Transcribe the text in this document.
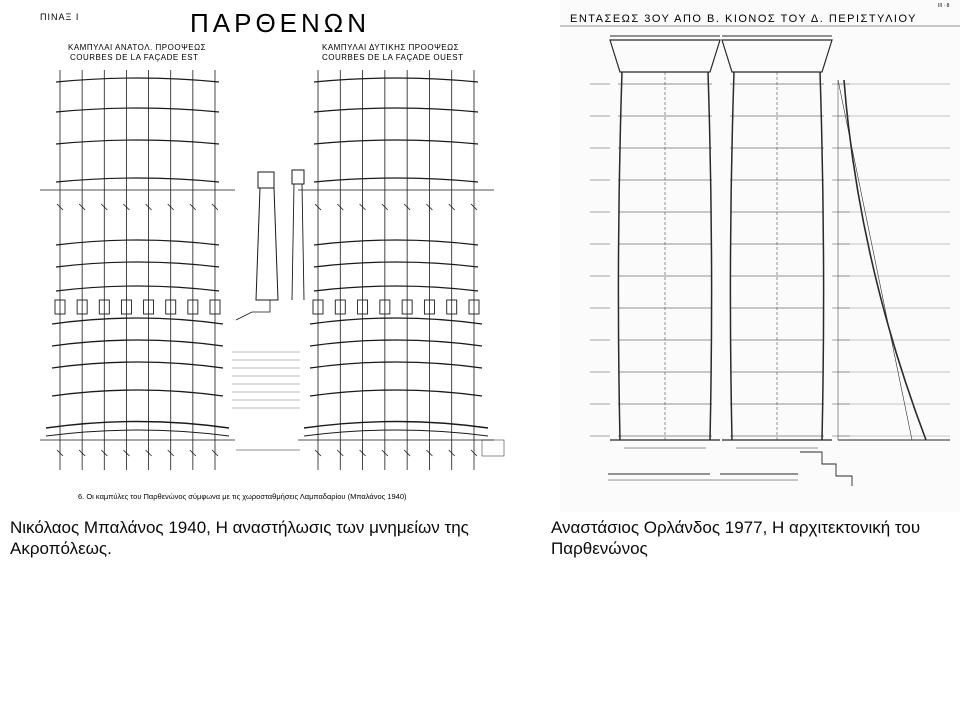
ΠΙΝΑΞ I	ΠΑΡΘΕΝΩΝ
ΚΑΜΠΥΛΑΙ ΑΝΑΤΟΛ. ΠΡΟΟΨΕΩΣ
COURBES DE LA FAÇADE EST
ΚΑΜΠΥΛΑΙ ΔΥΤΙΚΗΣ ΠΡΟΟΨΕΩΣ
COURBES DE LA FAÇADE OUEST
6. Οι καμπύλες του Παρθενώνος σύμφωνα με τις χωροσταθμήσεις Λαμπαδαρίου (Μπαλάνος 1940)
ΕΝΤΑΣΕΩΣ 3ΟΥ ΑΠΟ Β. ΚΙΟΝΟΣ ΤΟΥ Δ. ΠΕΡΙΣΤΥΛΙΟΥ
III · 8
Νικόλαος Μπαλάνος 1940, Η αναστήλωσις των μνημείων της Ακροπόλεως.
Αναστάσιος Ορλάνδος 1977, Η αρχιτεκτονική του Παρθενώνος
